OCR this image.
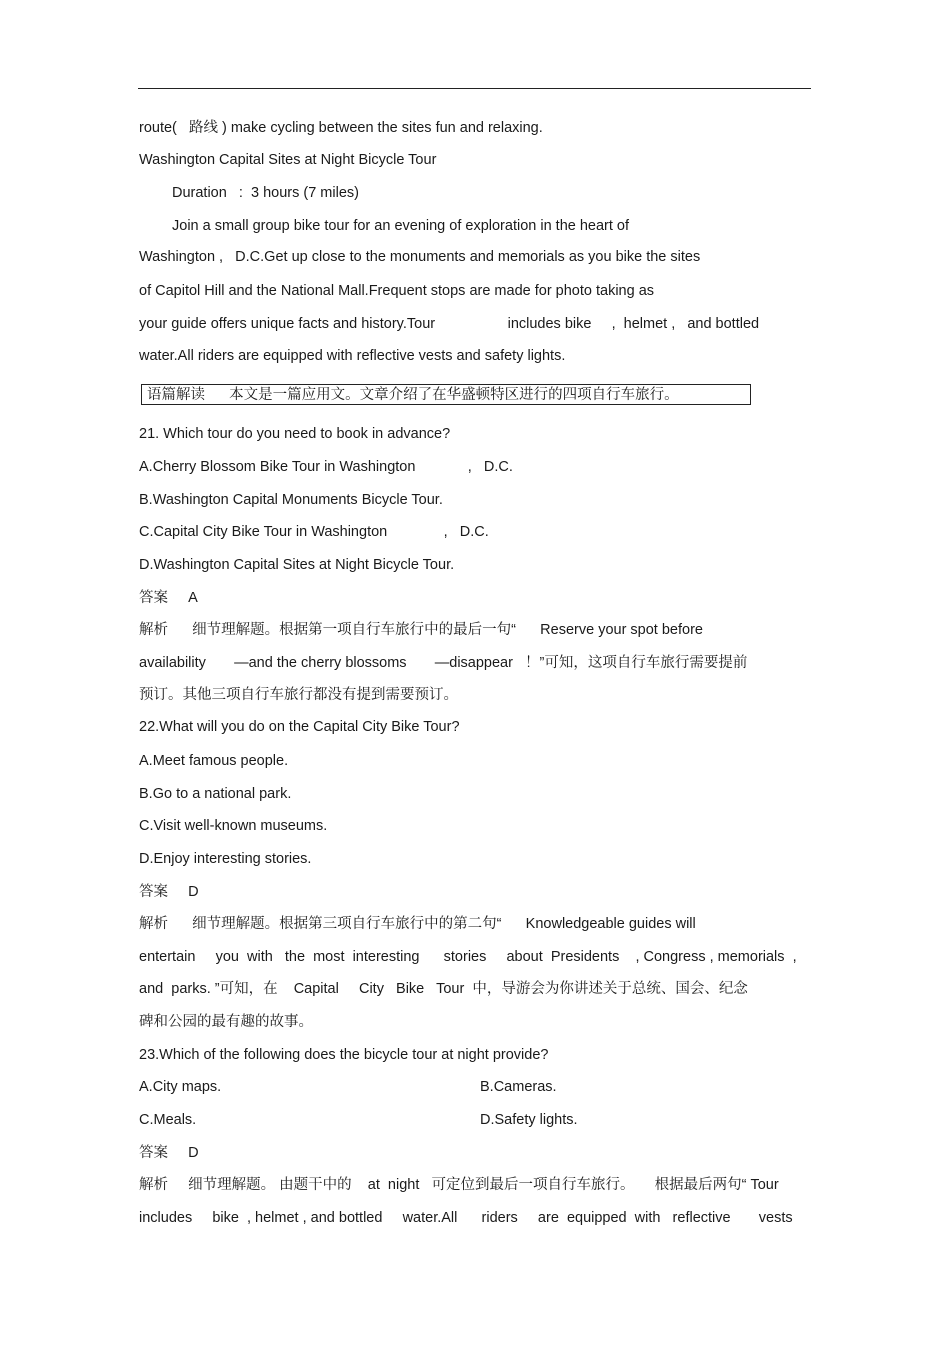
route(   路线 ) make cycling between the sites fun and relaxing.

Washington Capital Sites at Night Bicycle Tour

Duration   :  3 hours (7 miles)

Join a small group bike tour for an evening of exploration in the heart of

Washington ,   D.C.Get up close to the monuments and memorials as you bike the sites

of Capitol Hill and the National Mall.Frequent stops are made for photo taking as

your guide offers unique facts and history.Tour                  includes bike     ,  helmet ,   and bottled

water.All riders are equipped with reflective vests and safety lights.

语篇解读      本文是一篇应用文。文章介绍了在华盛顿特区进行的四项自行车旅行。

21. Which tour do you need to book in advance?

A.Cherry Blossom Bike Tour in Washington             ,   D.C.

B.Washington Capital Monuments Bicycle Tour.

C.Capital City Bike Tour in Washington              ,   D.C.

D.Washington Capital Sites at Night Bicycle Tour.

答案     A

解析      细节理解题。根据第一项自行车旅行中的最后一句“      Reserve your spot before

availability       —and the cherry blossoms       —disappear   ！”可知，这项自行车旅行需要提前

预订。其他三项自行车旅行都没有提到需要预订。

22.What will you do on the Capital City Bike Tour?

A.Meet famous people.

B.Go to a national park.

C.Visit well-known museums.

D.Enjoy interesting stories.

答案     D

解析      细节理解题。根据第三项自行车旅行中的第二句“      Knowledgeable guides will

entertain     you  with   the  most  interesting      stories     about  Presidents    , Congress , memorials  ,

and  parks. ”可知，在    Capital     City   Bike   Tour  中，导游会为你讲述关于总统、国会、纪念

碑和公园的最有趣的故事。

23.Which of the following does the bicycle tour at night provide?

A.City maps.	B.Cameras.

C.Meals.	D.Safety lights.

答案     D

解析     细节理解题。 由题干中的    at  night   可定位到最后一项自行车旅行。     根据最后两句“ Tour

includes     bike  , helmet , and bottled     water.All      riders     are  equipped  with   reflective       vests
